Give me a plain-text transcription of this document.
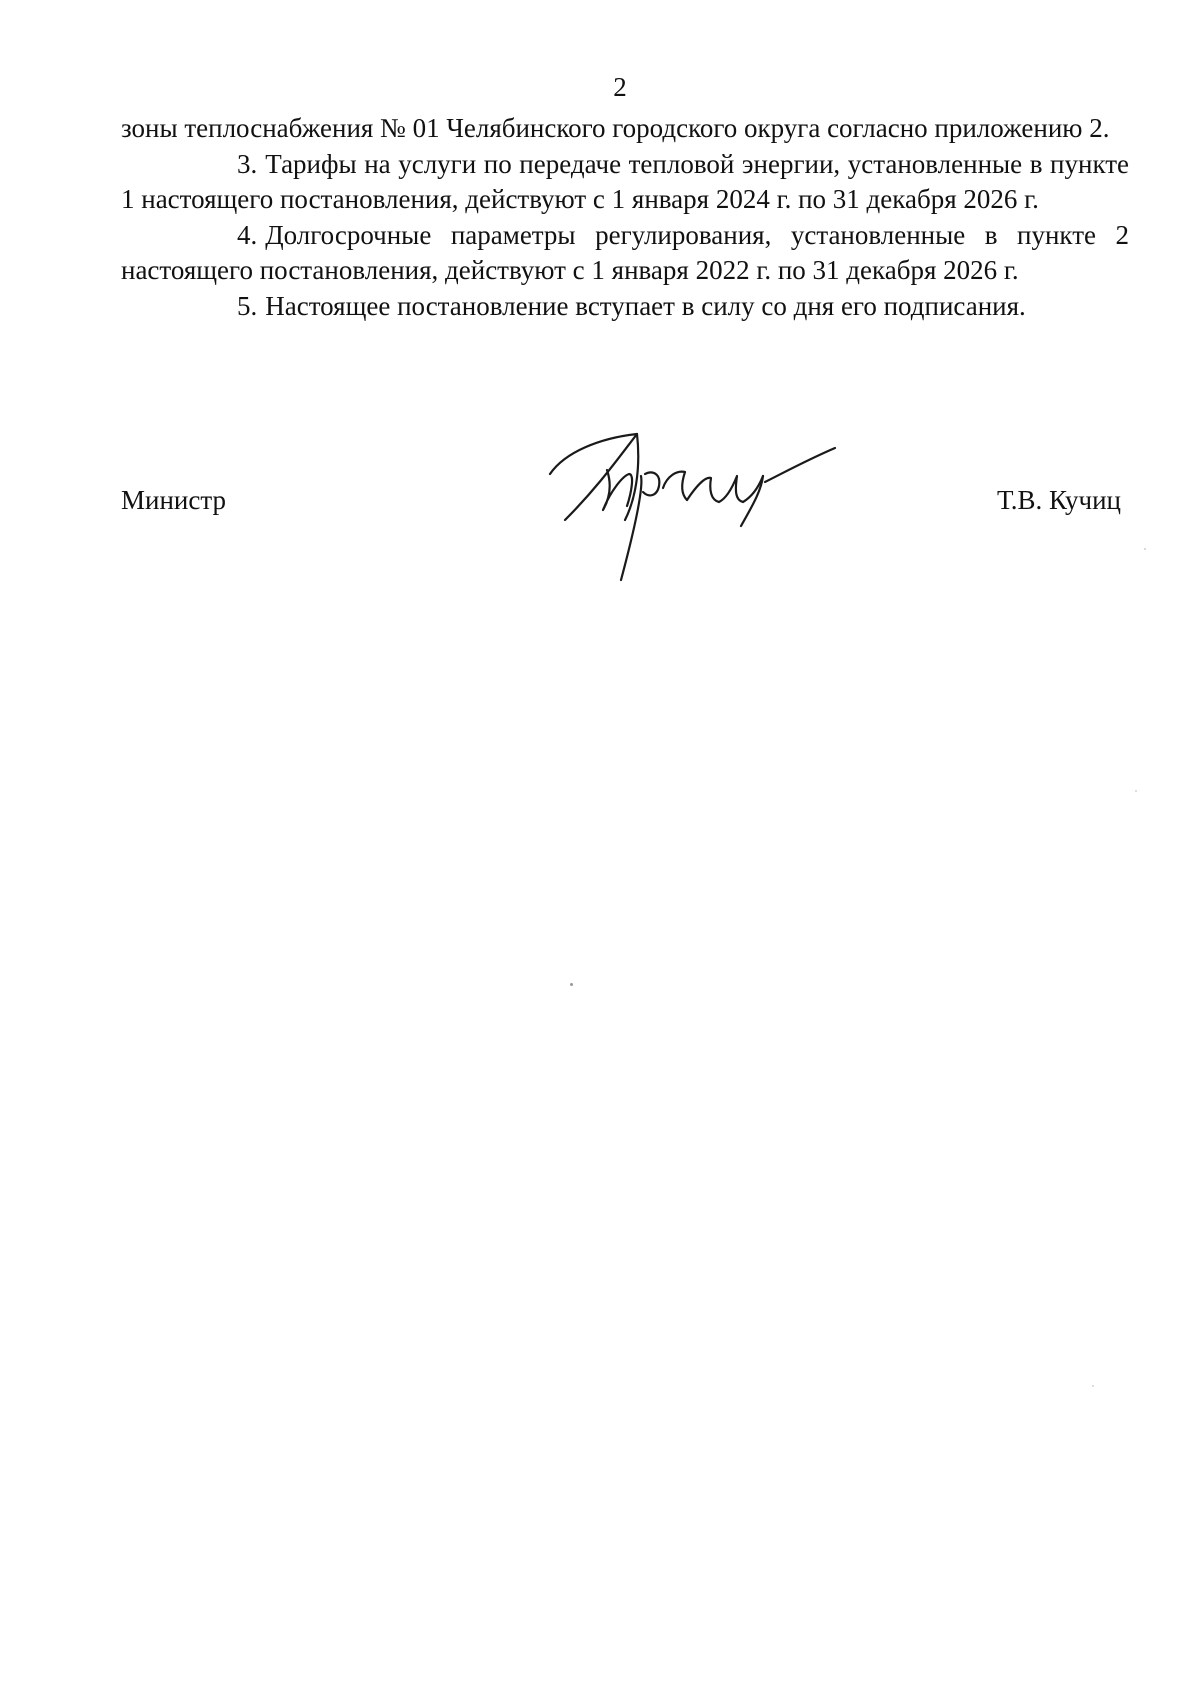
2

зоны теплоснабжения № 01 Челябинского городского округа согласно приложению 2.

3. Тарифы на услуги по передаче тепловой энергии, установленные в пункте 1 настоящего постановления, действуют с 1 января 2024 г. по 31 декабря 2026 г.

4. Долгосрочные параметры регулирования, установленные в пункте 2 настоящего постановления, действуют с 1 января 2022 г. по 31 декабря 2026 г.

5. Настоящее постановление вступает в силу со дня его подписания.

Министр	Т.В. Кучиц
